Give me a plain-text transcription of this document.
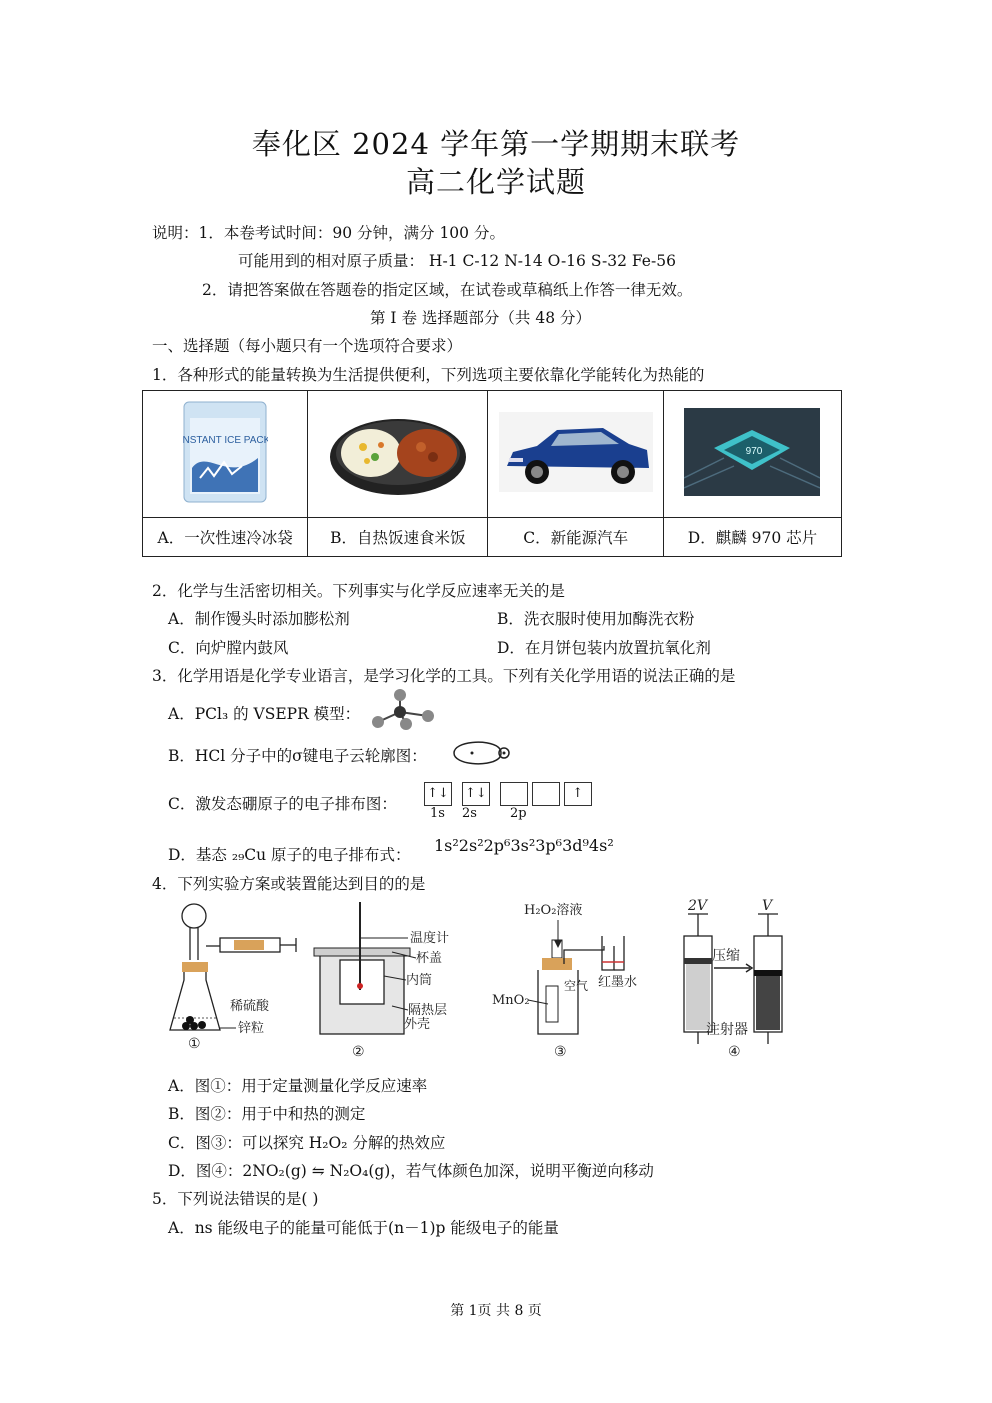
奉化区 2024 学年第一学期期末联考
高二化学试题
说明：1．本卷考试时间：90 分钟，满分 100 分。
可能用到的相对原子质量： H-1 C-12 N-14 O-16 S-32 Fe-56
2．请把答案做在答题卷的指定区域，在试卷或草稿纸上作答一律无效。
第 I 卷 选择题部分（共 48 分）
一、选择题（每小题只有一个选项符合要求）
1．各种形式的能量转换为生活提供便利，下列选项主要依靠化学能转化为热能的
INSTANT ICE PACK			970

A．一次性速冷冰袋	B．自热饭速食米饭	C．新能源汽车	D．麒麟 970 芯片
2．化学与生活密切相关。下列事实与化学反应速率无关的是
A．制作馒头时添加膨松剂	B．洗衣服时使用加酶洗衣粉
C．向炉膛内鼓风	D．在月饼包装内放置抗氧化剂
3．化学用语是化学专业语言，是学习化学的工具。下列有关化学用语的说法正确的是
A．PCl₃ 的 VSEPR 模型：
B．HCl 分子中的σ键电子云轮廓图：
C．激发态硼原子的电子排布图：
↑↓ ↑↓	↑
1s 2s	2p
D．基态 ₂₉Cu 原子的电子排布式： 1s²2s²2p⁶3s²3p⁶3d⁹4s²
4．下列实验方案或装置能达到目的的是
稀硫酸
锌粒
①
温度计
杯盖
内筒
隔热层
外壳
②
H₂O₂溶液
空气 红墨水
MnO₂
③
2V	V
压缩
注射器
④
A．图①：用于定量测量化学反应速率
B．图②：用于中和热的测定
C．图③：可以探究 H₂O₂ 分解的热效应
D．图④：2NO₂(g) ⇋ N₂O₄(g)，若气体颜色加深，说明平衡逆向移动
5．下列说法错误的是( )
A．ns 能级电子的能量可能低于(n－1)p 能级电子的能量
第 1页 共 8 页
